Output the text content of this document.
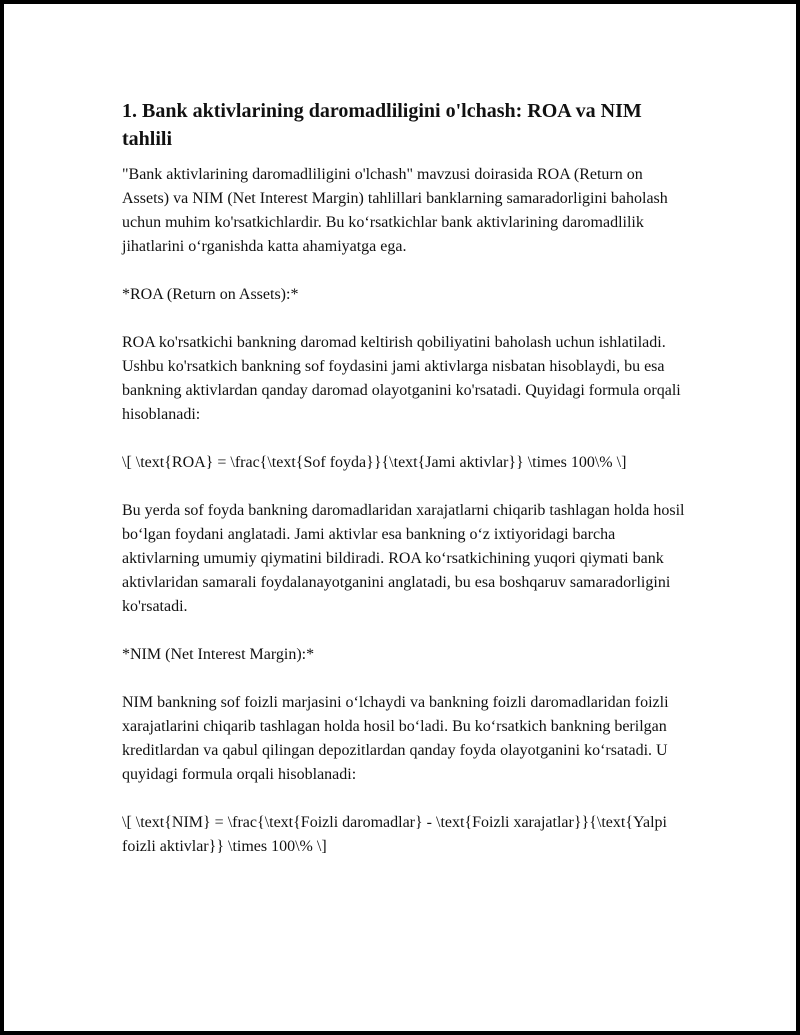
1. Bank aktivlarining daromadliligini o'lchash: ROA va NIM tahlili

"Bank aktivlarining daromadliligini o'lchash" mavzusi doirasida ROA (Return on Assets) va NIM (Net Interest Margin) tahlillari banklarning samaradorligini baholash uchun muhim ko'rsatkichlardir. Bu ko‘rsatkichlar bank aktivlarining daromadlilik jihatlarini o‘rganishda katta ahamiyatga ega.

*ROA (Return on Assets):*

ROA ko'rsatkichi bankning daromad keltirish qobiliyatini baholash uchun ishlatiladi. Ushbu ko'rsatkich bankning sof foydasini jami aktivlarga nisbatan hisoblaydi, bu esa bankning aktivlardan qanday daromad olayotganini ko'rsatadi. Quyidagi formula orqali hisoblanadi:

\[ \text{ROA} = \frac{\text{Sof foyda}}{\text{Jami aktivlar}} \times 100\% \]

Bu yerda sof foyda bankning daromadlaridan xarajatlarni chiqarib tashlagan holda hosil bo‘lgan foydani anglatadi. Jami aktivlar esa bankning o‘z ixtiyoridagi barcha aktivlarning umumiy qiymatini bildiradi. ROA ko‘rsatkichining yuqori qiymati bank aktivlaridan samarali foydalanayotganini anglatadi, bu esa boshqaruv samaradorligini ko'rsatadi.

*NIM (Net Interest Margin):*

NIM bankning sof foizli marjasini o‘lchaydi va bankning foizli daromadlaridan foizli xarajatlarini chiqarib tashlagan holda hosil bo‘ladi. Bu ko‘rsatkich bankning berilgan kreditlardan va qabul qilingan depozitlardan qanday foyda olayotganini ko‘rsatadi. U quyidagi formula orqali hisoblanadi:

\[ \text{NIM} = \frac{\text{Foizli daromadlar} - \text{Foizli xarajatlar}}{\text{Yalpi foizli aktivlar}} \times 100\% \]
